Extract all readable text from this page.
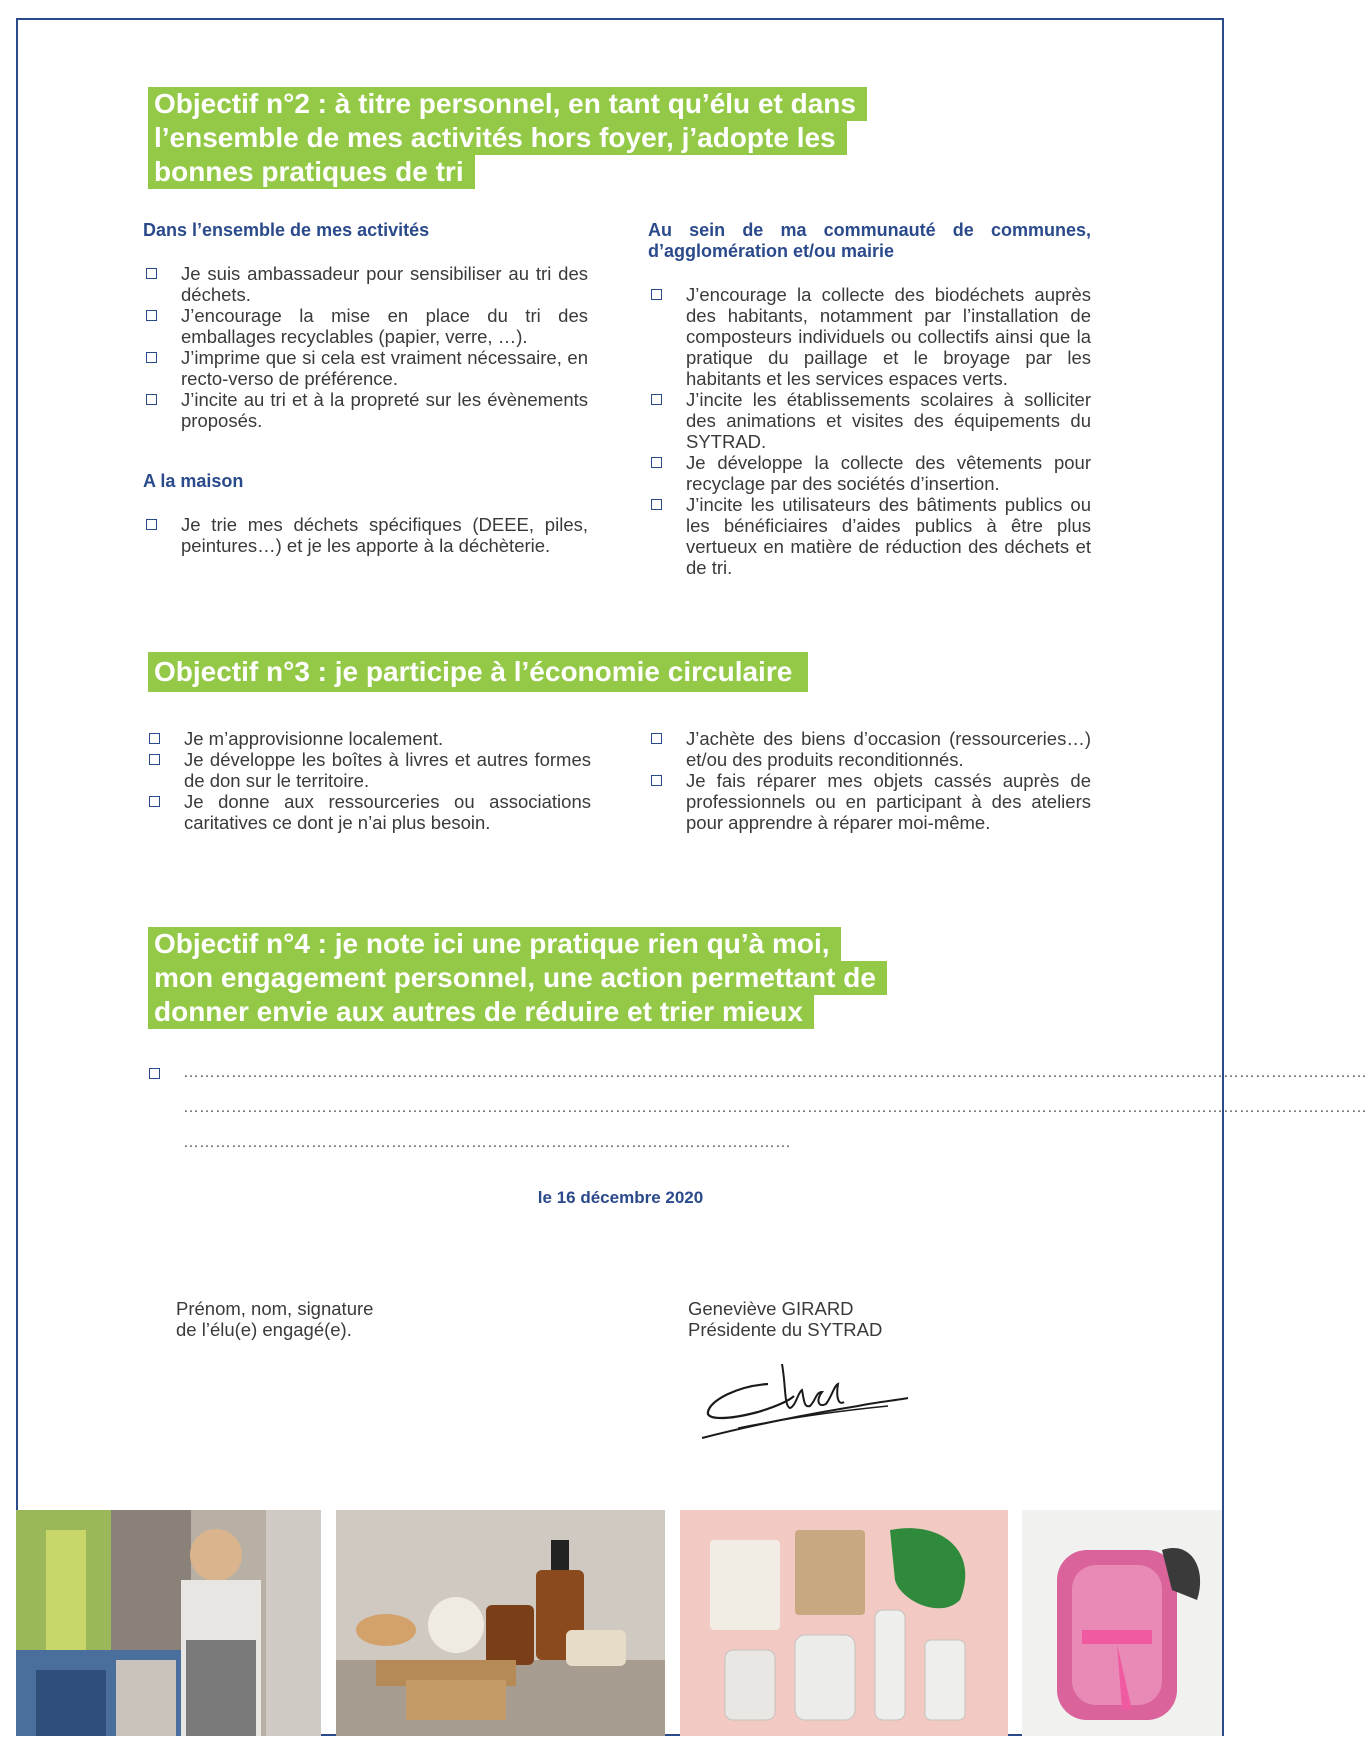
Objectif n°2 : à titre personnel, en tant qu’élu et dans
l’ensemble de mes activités hors foyer, j’adopte les
bonnes pratiques de tri
Dans l’ensemble de mes activités
Je suis ambassadeur pour sensibiliser au tri des déchets.
J’encourage la mise en place du tri des emballages recyclables (papier, verre, …).
J’imprime que si cela est vraiment nécessaire, en recto-verso de préférence.
J’incite au tri et à la propreté sur les évènements proposés.
A la maison
Je trie mes déchets spécifiques (DEEE, piles, peintures…) et je les apporte à la déchèterie.
Au sein de ma communauté de communes, d’agglomération et/ou mairie
J’encourage la collecte des biodéchets auprès des habitants, notamment par l’installation de composteurs individuels ou collectifs ainsi que la pratique du paillage et le broyage par les habitants et les services espaces verts.
J’incite les établissements scolaires à solliciter des animations et visites des équipements du SYTRAD.
Je développe la collecte des vêtements pour recyclage par des sociétés d’insertion.
J’incite les utilisateurs des bâtiments publics ou les bénéficiaires d’aides publics à être plus vertueux en matière de réduction des déchets et de tri.
Objectif n°3 : je participe à l’économie circulaire
Je m’approvisionne localement.
Je développe les boîtes à livres et autres formes de don sur le territoire.
Je donne aux ressourceries ou associations caritatives ce dont je n’ai plus besoin.
J’achète des biens d’occasion (ressourceries…) et/ou des produits reconditionnés.
Je fais réparer mes objets cassés auprès de professionnels ou en participant à des ateliers pour apprendre à réparer moi-même.
Objectif n°4 : je note ici une pratique rien qu’à moi,
mon engagement personnel, une action permettant de
donner envie aux autres de réduire et trier mieux
……………………………………………………………………………………………………………………………………………………………………………………………………
……………………………………………………………………………………………………………………………………………………………………………………………………
……………………………………………………………………………………………………
le 16 décembre 2020
Prénom, nom, signature
de l’élu(e) engagé(e).
Geneviève GIRARD
Présidente du SYTRAD
